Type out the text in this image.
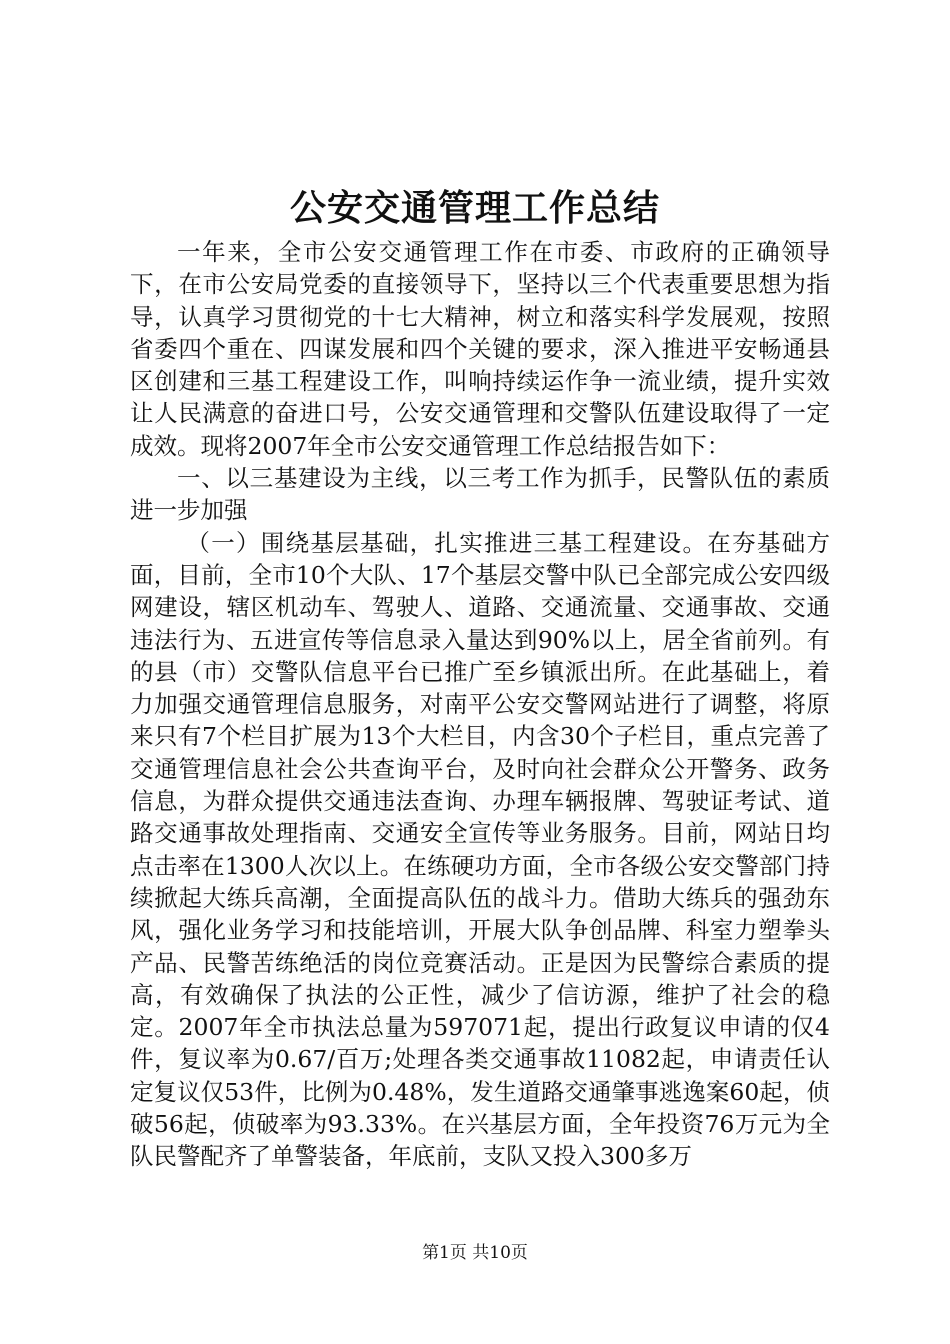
公安交通管理工作总结

一年来，全市公安交通管理工作在市委、市政府的正确领导下，在市公安局党委的直接领导下，坚持以三个代表重要思想为指导，认真学习贯彻党的十七大精神，树立和落实科学发展观，按照省委四个重在、四谋发展和四个关键的要求，深入推进平安畅通县区创建和三基工程建设工作，叫响持续运作争一流业绩，提升实效让人民满意的奋进口号，公安交通管理和交警队伍建设取得了一定成效。现将2007年全市公安交通管理工作总结报告如下：

一、以三基建设为主线，以三考工作为抓手，民警队伍的素质进一步加强

（一）围绕基层基础，扎实推进三基工程建设。在夯基础方面，目前，全市10个大队、17个基层交警中队已全部完成公安四级网建设，辖区机动车、驾驶人、道路、交通流量、交通事故、交通违法行为、五进宣传等信息录入量达到90%以上，居全省前列。有的县（市）交警队信息平台已推广至乡镇派出所。在此基础上，着力加强交通管理信息服务，对南平公安交警网站进行了调整，将原来只有7个栏目扩展为13个大栏目，内含30个子栏目，重点完善了交通管理信息社会公共查询平台，及时向社会群众公开警务、政务信息，为群众提供交通违法查询、办理车辆报牌、驾驶证考试、道路交通事故处理指南、交通安全宣传等业务服务。目前，网站日均点击率在1300人次以上。在练硬功方面，全市各级公安交警部门持续掀起大练兵高潮，全面提高队伍的战斗力。借助大练兵的强劲东风，强化业务学习和技能培训，开展大队争创品牌、科室力塑拳头产品、民警苦练绝活的岗位竞赛活动。正是因为民警综合素质的提高，有效确保了执法的公正性，减少了信访源，维护了社会的稳定。2007年全市执法总量为597071起，提出行政复议申请的仅4件，复议率为0.67/百万;处理各类交通事故11082起，申请责任认定复议仅53件，比例为0.48%，发生道路交通肇事逃逸案60起，侦破56起，侦破率为93.33%。在兴基层方面，全年投资76万元为全队民警配齐了单警装备，年底前，支队又投入300多万

第1页 共10页
